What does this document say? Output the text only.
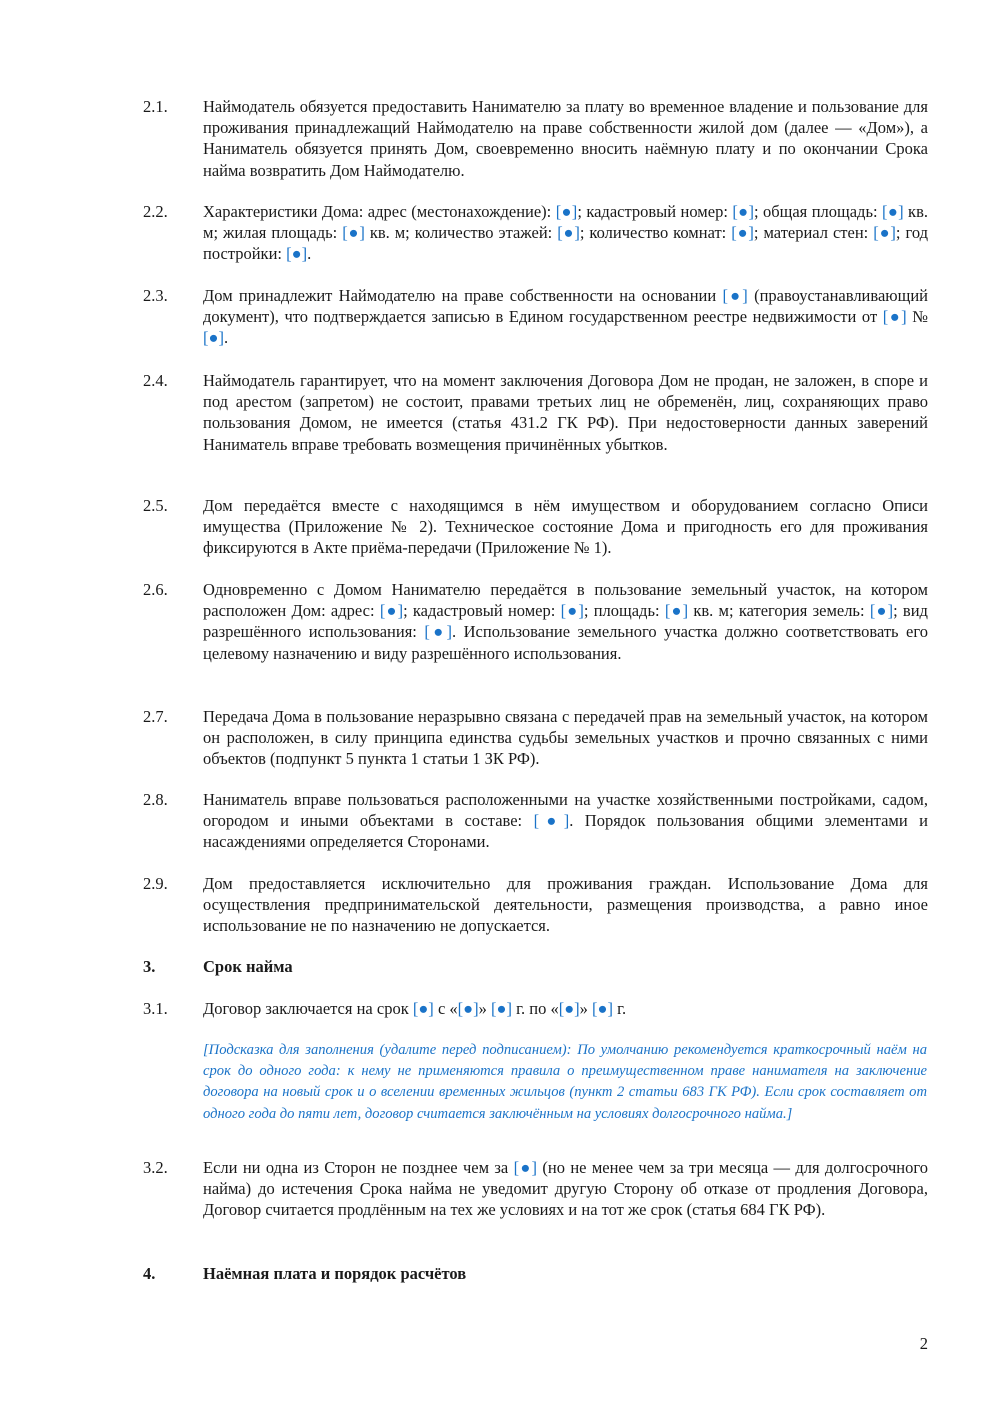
2.1.	Наймодатель обязуется предоставить Нанимателю за плату во временное владение и пользование для проживания принадлежащий Наймодателю на праве собственности жилой дом (далее — «Дом»), а Наниматель обязуется принять Дом, своевременно вносить наёмную плату и по окончании Срока найма возвратить Дом Наймодателю.
2.2.	Характеристики Дома: адрес (местонахождение): [●]; кадастровый номер: [●]; общая площадь: [●] кв. м; жилая площадь: [●] кв. м; количество этажей: [●]; количество комнат: [●]; материал стен: [●]; год постройки: [●].
2.3.	Дом принадлежит Наймодателю на праве собственности на основании [●] (правоустанавливающий документ), что подтверждается записью в Едином государственном реестре недвижимости от [●] № [●].
2.4.	Наймодатель гарантирует, что на момент заключения Договора Дом не продан, не заложен, в споре и под арестом (запретом) не состоит, правами третьих лиц не обременён, лиц, сохраняющих право пользования Домом, не имеется (статья 431.2 ГК РФ). При недостоверности данных заверений Наниматель вправе требовать возмещения причинённых убытков.
2.5.	Дом передаётся вместе с находящимся в нём имуществом и оборудованием согласно Описи имущества (Приложение № 2). Техническое состояние Дома и пригодность его для проживания фиксируются в Акте приёма-передачи (Приложение № 1).
2.6.	Одновременно с Домом Нанимателю передаётся в пользование земельный участок, на котором расположен Дом: адрес: [●]; кадастровый номер: [●]; площадь: [●] кв. м; категория земель: [●]; вид разрешённого использования: [●]. Использование земельного участка должно соответствовать его целевому назначению и виду разрешённого использования.
2.7.	Передача Дома в пользование неразрывно связана с передачей прав на земельный участок, на котором он расположен, в силу принципа единства судьбы земельных участков и прочно связанных с ними объектов (подпункт 5 пункта 1 статьи 1 ЗК РФ).
2.8.	Наниматель вправе пользоваться расположенными на участке хозяйственными постройками, садом, огородом и иными объектами в составе: [●]. Порядок пользования общими элементами и насаждениями определяется Сторонами.
2.9.	Дом предоставляется исключительно для проживания граждан. Использование Дома для осуществления предпринимательской деятельности, размещения производства, а равно иное использование не по назначению не допускается.
3.	Срок найма
3.1.	Договор заключается на срок [●] с «[●]» [●] г. по «[●]» [●] г.
[Подсказка для заполнения (удалите перед подписанием): По умолчанию рекомендуется краткосрочный наём на срок до одного года: к нему не применяются правила о преимущественном праве нанимателя на заключение договора на новый срок и о вселении временных жильцов (пункт 2 статьи 683 ГК РФ). Если срок составляет от одного года до пяти лет, договор считается заключённым на условиях долгосрочного найма.]
3.2.	Если ни одна из Сторон не позднее чем за [●] (но не менее чем за три месяца — для долгосрочного найма) до истечения Срока найма не уведомит другую Сторону об отказе от продления Договора, Договор считается продлённым на тех же условиях и на тот же срок (статья 684 ГК РФ).
4.	Наёмная плата и порядок расчётов
2
